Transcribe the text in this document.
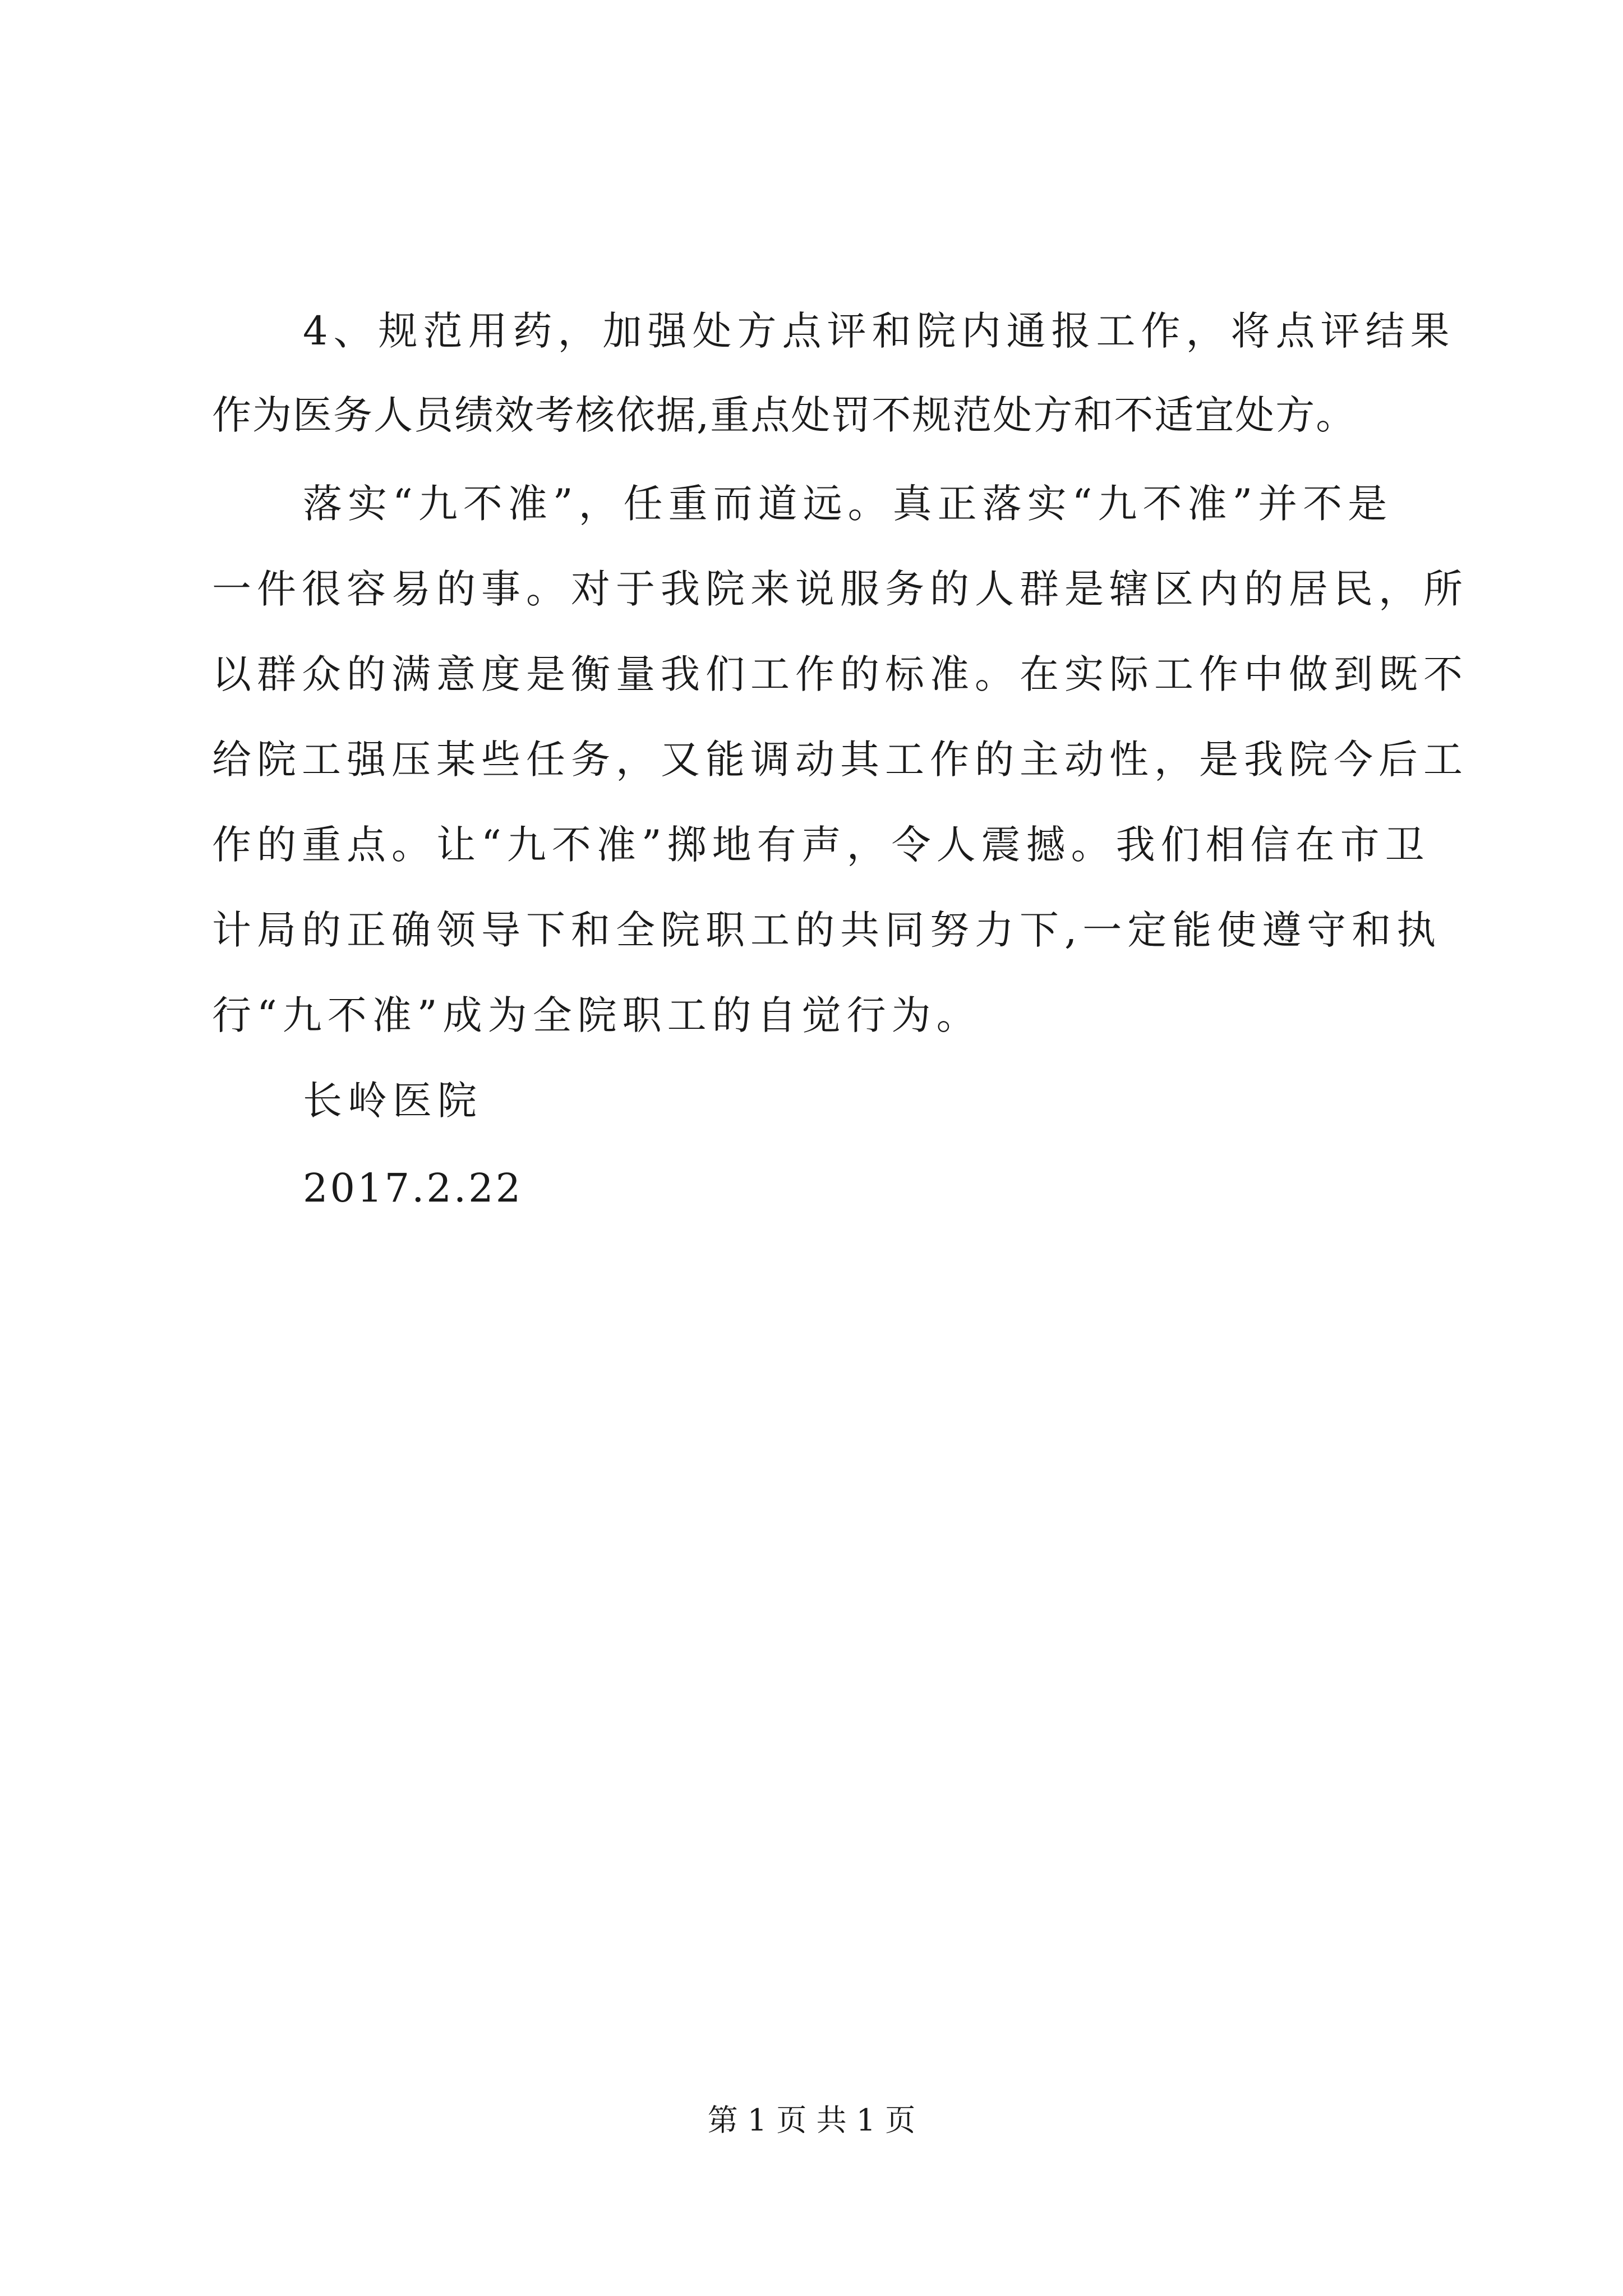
4、规范用药，加强处方点评和院内通报工作，将点评结果
作为医务人员绩效考核依据,重点处罚不规范处方和不适宜处方。
落实“九不准”，任重而道远。真正落实“九不准”并不是
一件很容易的事。对于我院来说服务的人群是辖区内的居民，所
以群众的满意度是衡量我们工作的标准。在实际工作中做到既不
给院工强压某些任务，又能调动其工作的主动性，是我院今后工
作的重点。让“九不准”掷地有声，令人震撼。我们相信在市卫
计局的正确领导下和全院职工的共同努力下,一定能使遵守和执
行“九不准”成为全院职工的自觉行为。
长岭医院
2017.2.22
第 1 页 共 1 页
